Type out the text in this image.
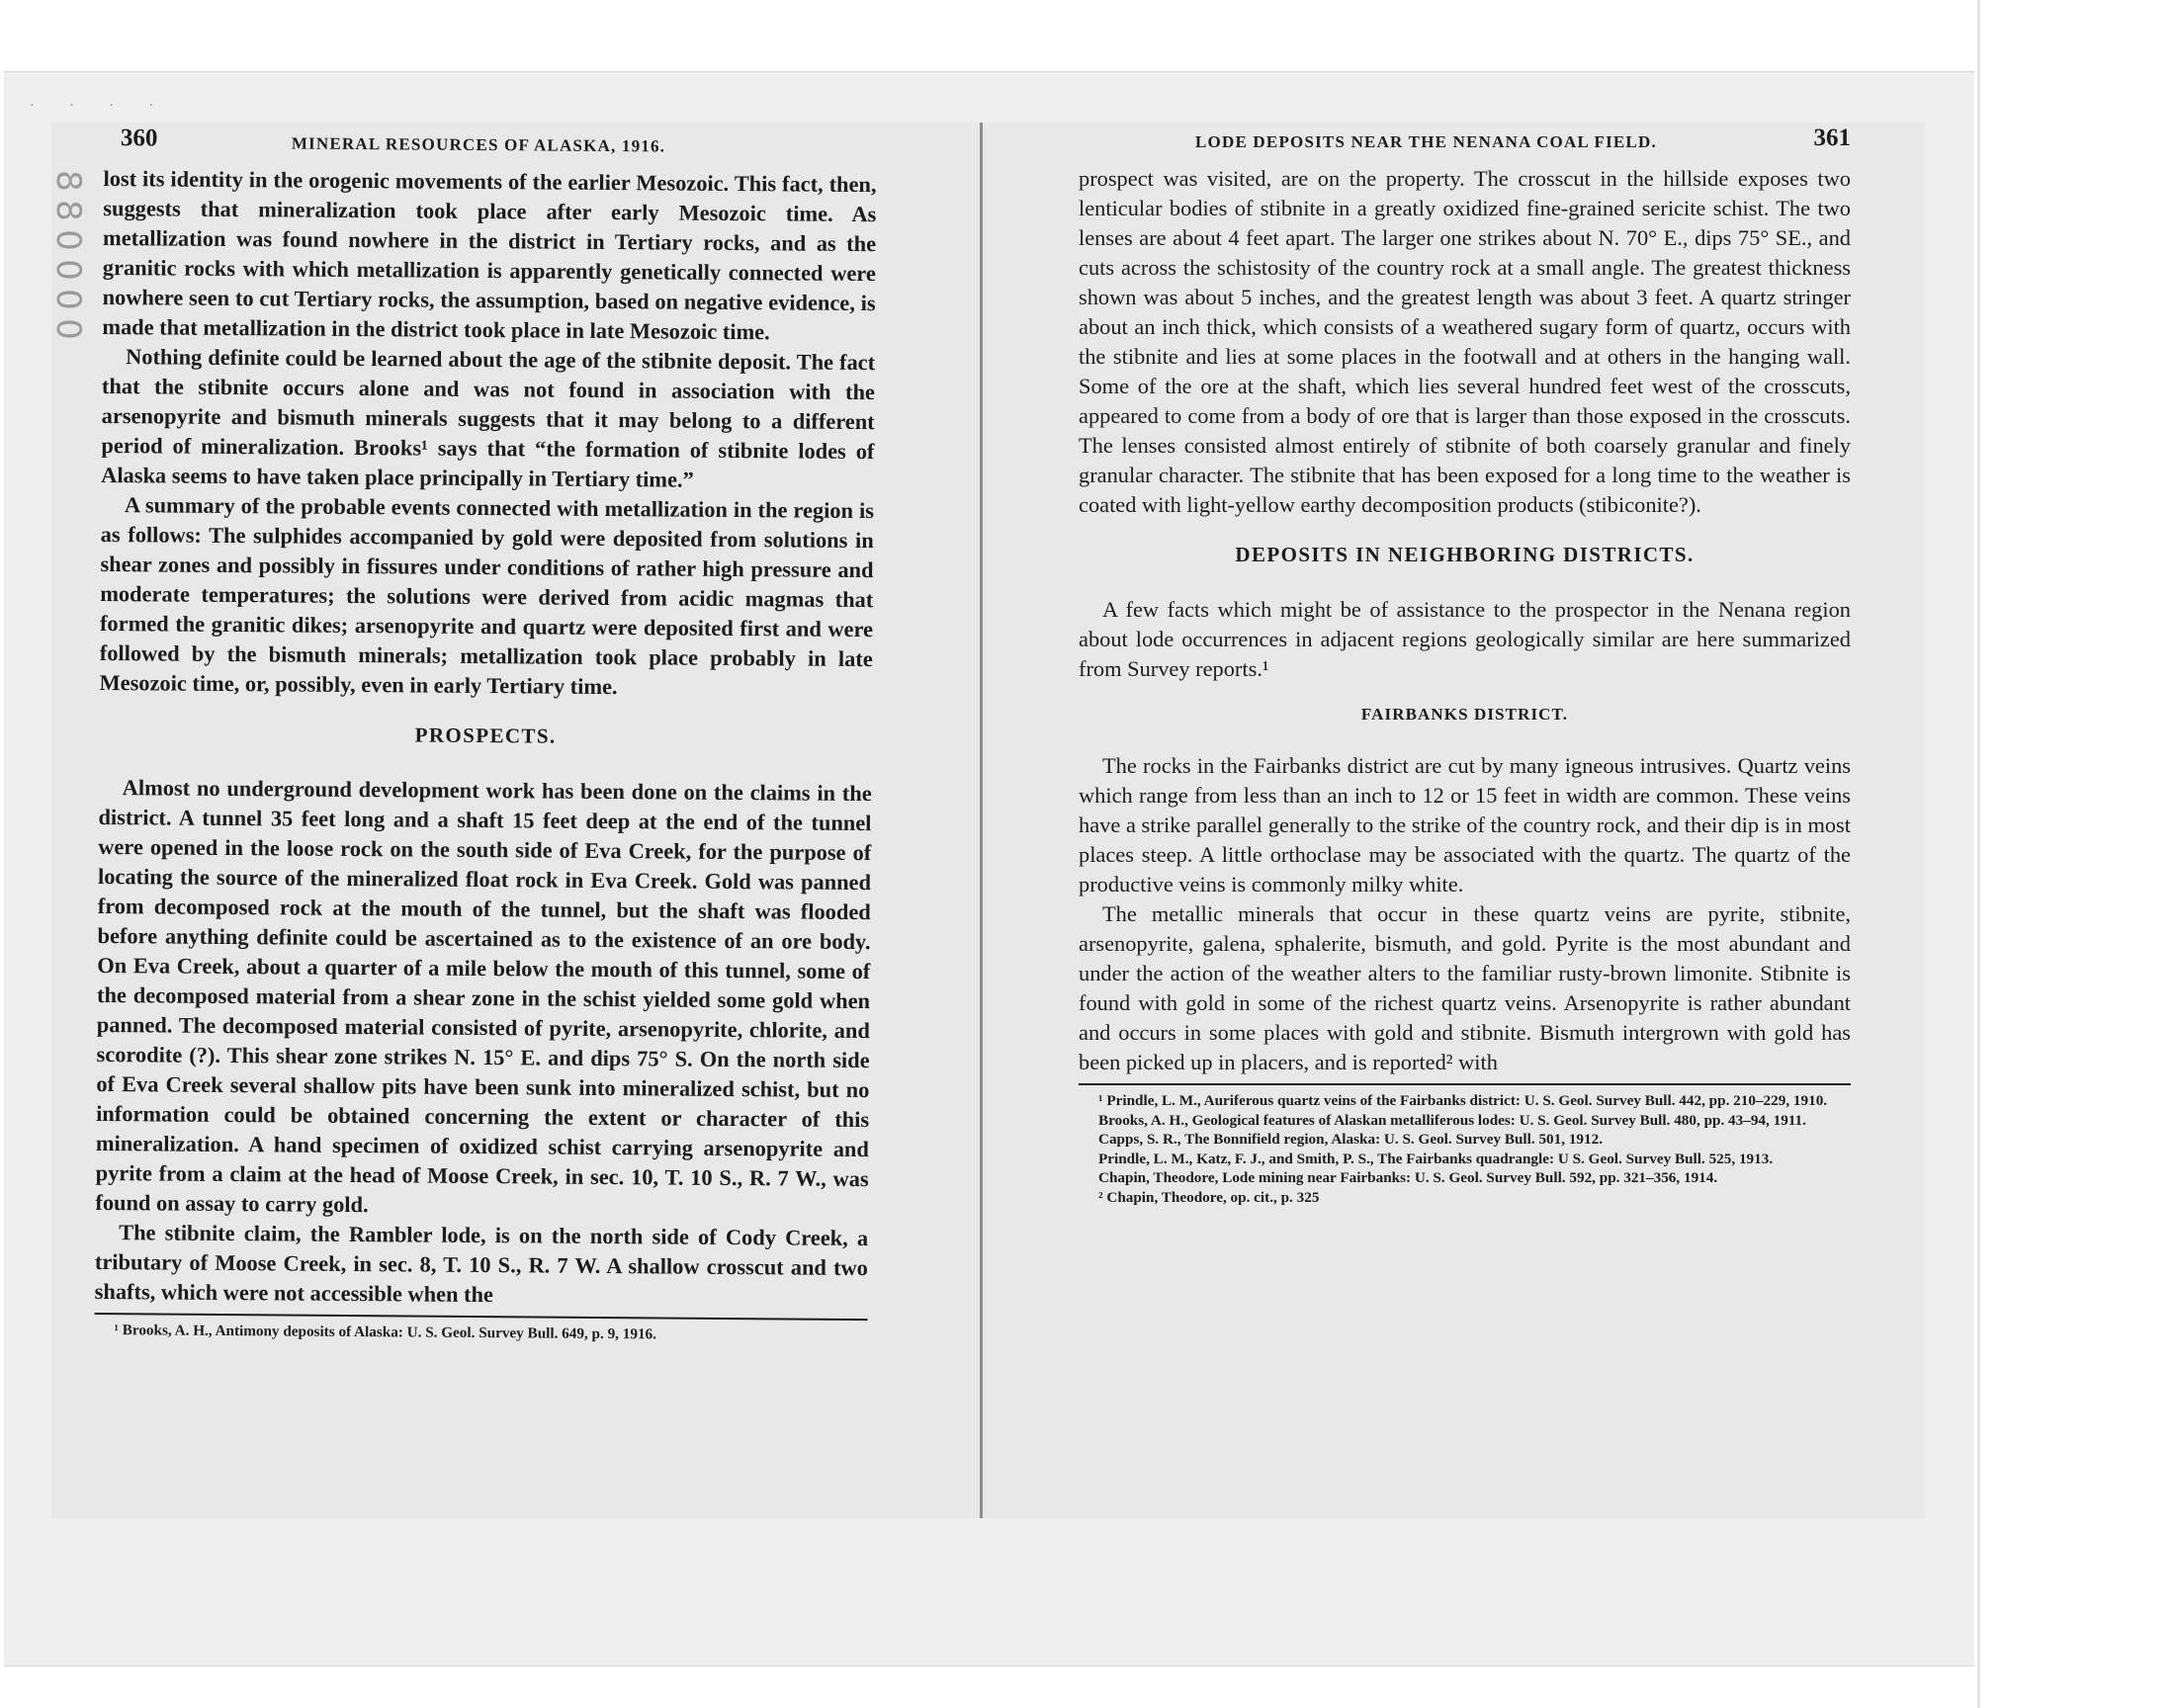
· · · ·
8
8
0
0
0
0
360	MINERAL RESOURCES OF ALASKA, 1916.

lost its identity in the orogenic movements of the earlier Mesozoic. This fact, then, suggests that mineralization took place after early Mesozoic time. As metallization was found nowhere in the district in Tertiary rocks, and as the granitic rocks with which metallization is apparently genetically connected were nowhere seen to cut Tertiary rocks, the assumption, based on negative evidence, is made that metallization in the district took place in late Mesozoic time.

Nothing definite could be learned about the age of the stibnite deposit. The fact that the stibnite occurs alone and was not found in association with the arsenopyrite and bismuth minerals suggests that it may belong to a different period of mineralization. Brooks¹ says that “the formation of stibnite lodes of Alaska seems to have taken place principally in Tertiary time.”

A summary of the probable events connected with metallization in the region is as follows: The sulphides accompanied by gold were deposited from solutions in shear zones and possibly in fissures under conditions of rather high pressure and moderate temperatures; the solutions were derived from acidic magmas that formed the granitic dikes; arsenopyrite and quartz were deposited first and were followed by the bismuth minerals; metallization took place probably in late Mesozoic time, or, possibly, even in early Tertiary time.

PROSPECTS.

Almost no underground development work has been done on the claims in the district. A tunnel 35 feet long and a shaft 15 feet deep at the end of the tunnel were opened in the loose rock on the south side of Eva Creek, for the purpose of locating the source of the mineralized float rock in Eva Creek. Gold was panned from decomposed rock at the mouth of the tunnel, but the shaft was flooded before anything definite could be ascertained as to the existence of an ore body. On Eva Creek, about a quarter of a mile below the mouth of this tunnel, some of the decomposed material from a shear zone in the schist yielded some gold when panned. The decomposed material consisted of pyrite, arsenopyrite, chlorite, and scorodite (?). This shear zone strikes N. 15° E. and dips 75° S. On the north side of Eva Creek several shallow pits have been sunk into mineralized schist, but no information could be obtained concerning the extent or character of this mineralization. A hand specimen of oxidized schist carrying arsenopyrite and pyrite from a claim at the head of Moose Creek, in sec. 10, T. 10 S., R. 7 W., was found on assay to carry gold.

The stibnite claim, the Rambler lode, is on the north side of Cody Creek, a tributary of Moose Creek, in sec. 8, T. 10 S., R. 7 W. A shallow crosscut and two shafts, which were not accessible when the

¹ Brooks, A. H., Antimony deposits of Alaska: U. S. Geol. Survey Bull. 649, p. 9, 1916.

LODE DEPOSITS NEAR THE NENANA COAL FIELD.	361

prospect was visited, are on the property. The crosscut in the hillside exposes two lenticular bodies of stibnite in a greatly oxidized fine-grained sericite schist. The two lenses are about 4 feet apart. The larger one strikes about N. 70° E., dips 75° SE., and cuts across the schistosity of the country rock at a small angle. The greatest thickness shown was about 5 inches, and the greatest length was about 3 feet. A quartz stringer about an inch thick, which consists of a weathered sugary form of quartz, occurs with the stibnite and lies at some places in the footwall and at others in the hanging wall. Some of the ore at the shaft, which lies several hundred feet west of the crosscuts, appeared to come from a body of ore that is larger than those exposed in the crosscuts. The lenses consisted almost entirely of stibnite of both coarsely granular and finely granular character. The stibnite that has been exposed for a long time to the weather is coated with light-yellow earthy decomposition products (stibiconite?).

DEPOSITS IN NEIGHBORING DISTRICTS.

A few facts which might be of assistance to the prospector in the Nenana region about lode occurrences in adjacent regions geologically similar are here summarized from Survey reports.¹

FAIRBANKS DISTRICT.

The rocks in the Fairbanks district are cut by many igneous intrusives. Quartz veins which range from less than an inch to 12 or 15 feet in width are common. These veins have a strike parallel generally to the strike of the country rock, and their dip is in most places steep. A little orthoclase may be associated with the quartz. The quartz of the productive veins is commonly milky white.

The metallic minerals that occur in these quartz veins are pyrite, stibnite, arsenopyrite, galena, sphalerite, bismuth, and gold. Pyrite is the most abundant and under the action of the weather alters to the familiar rusty-brown limonite. Stibnite is found with gold in some of the richest quartz veins. Arsenopyrite is rather abundant and occurs in some places with gold and stibnite. Bismuth intergrown with gold has been picked up in placers, and is reported² with

¹ Prindle, L. M., Auriferous quartz veins of the Fairbanks district: U. S. Geol. Survey Bull. 442, pp. 210–229, 1910.

Brooks, A. H., Geological features of Alaskan metalliferous lodes: U. S. Geol. Survey Bull. 480, pp. 43–94, 1911.

Capps, S. R., The Bonnifield region, Alaska: U. S. Geol. Survey Bull. 501, 1912.

Prindle, L. M., Katz, F. J., and Smith, P. S., The Fairbanks quadrangle: U S. Geol. Survey Bull. 525, 1913.

Chapin, Theodore, Lode mining near Fairbanks: U. S. Geol. Survey Bull. 592, pp. 321–356, 1914.

² Chapin, Theodore, op. cit., p. 325
